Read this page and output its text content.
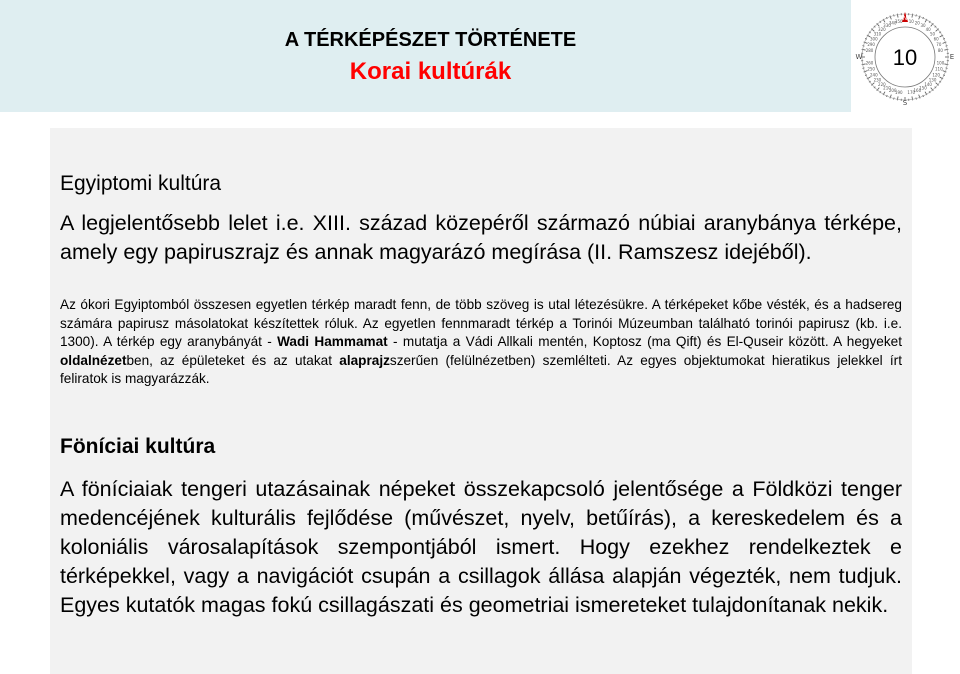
A TÉRKÉPÉSZET TÖRTÉNETE
Korai kultúrák
10 20
30
40
50
60
70
80
100
110
120
130
140
150
160
170
190
200
210
220
230
240
250
260
280
290
300
310
320
330
340
350 N
S
E
W	10
Egyiptomi kultúra

A legjelentősebb lelet i.e. XIII. század közepéről származó núbiai aranybánya térképe, amely egy papiruszrajz és annak magyarázó megírása (II. Ramszesz idejéből).

Az ókori Egyiptomból összesen egyetlen térkép maradt fenn, de több szöveg is utal létezésükre. A térképeket kőbe vésték, és a hadsereg számára papirusz másolatokat készítettek róluk. Az egyetlen fennmaradt térkép a Torinói Múzeumban található torinói papirusz (kb. i.e. 1300). A térkép egy aranybányát - Wadi Hammamat - mutatja a Vádi Allkali mentén, Koptosz (ma Qift) és El-Quseir között. A hegyeket oldalnézetben, az épületeket és az utakat alaprajzszerűen (felülnézetben) szemlélteti. Az egyes objektumokat hieratikus jelekkel írt feliratok is magyarázzák.

Föníciai kultúra

A föníciaiak tengeri utazásainak népeket összekapcsoló jelentősége a Földközi tenger medencéjének kulturális fejlődése (művészet, nyelv, betűírás), a kereskedelem és a koloniális városalapítások szempontjából ismert. Hogy ezekhez rendelkeztek e térképekkel, vagy a navigációt csupán a csillagok állása alapján végezték, nem tudjuk. Egyes kutatók magas fokú csillagászati és geometriai ismereteket tulajdonítanak nekik.
